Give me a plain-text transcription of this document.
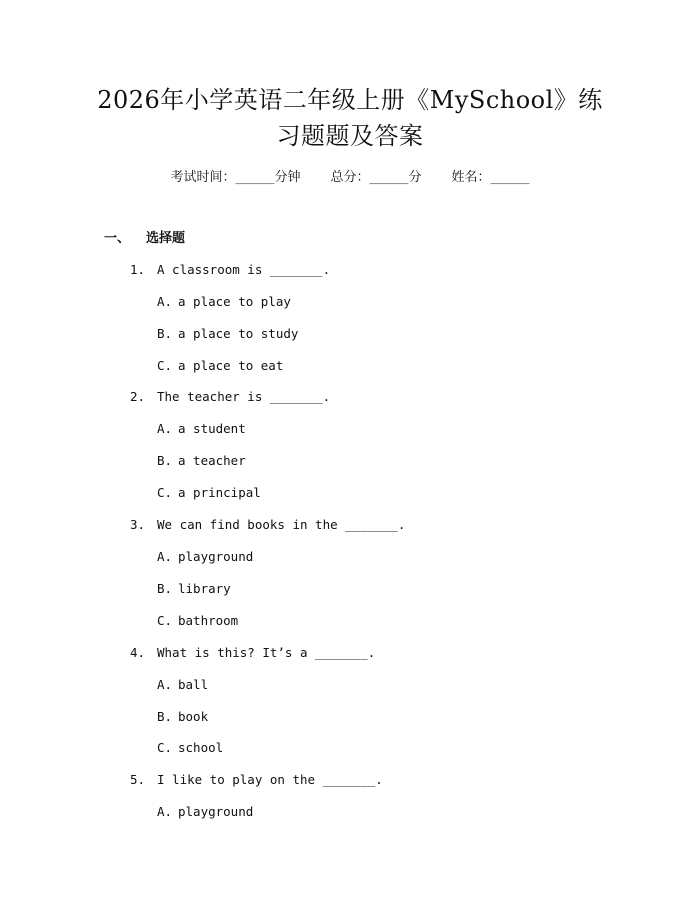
2026年小学英语二年级上册《MySchool》练
习题题及答案
考试时间：______分钟 总分：______分 姓名：______
一、 选择题
1. A classroom is _______.
A. a place to play
B. a place to study
C. a place to eat
2. The teacher is _______.
A. a student
B. a teacher
C. a principal
3. We can find books in the _______.
A. playground
B. library
C. bathroom
4. What is this? It’s a _______.
A. ball
B. book
C. school
5. I like to play on the _______.
A. playground
